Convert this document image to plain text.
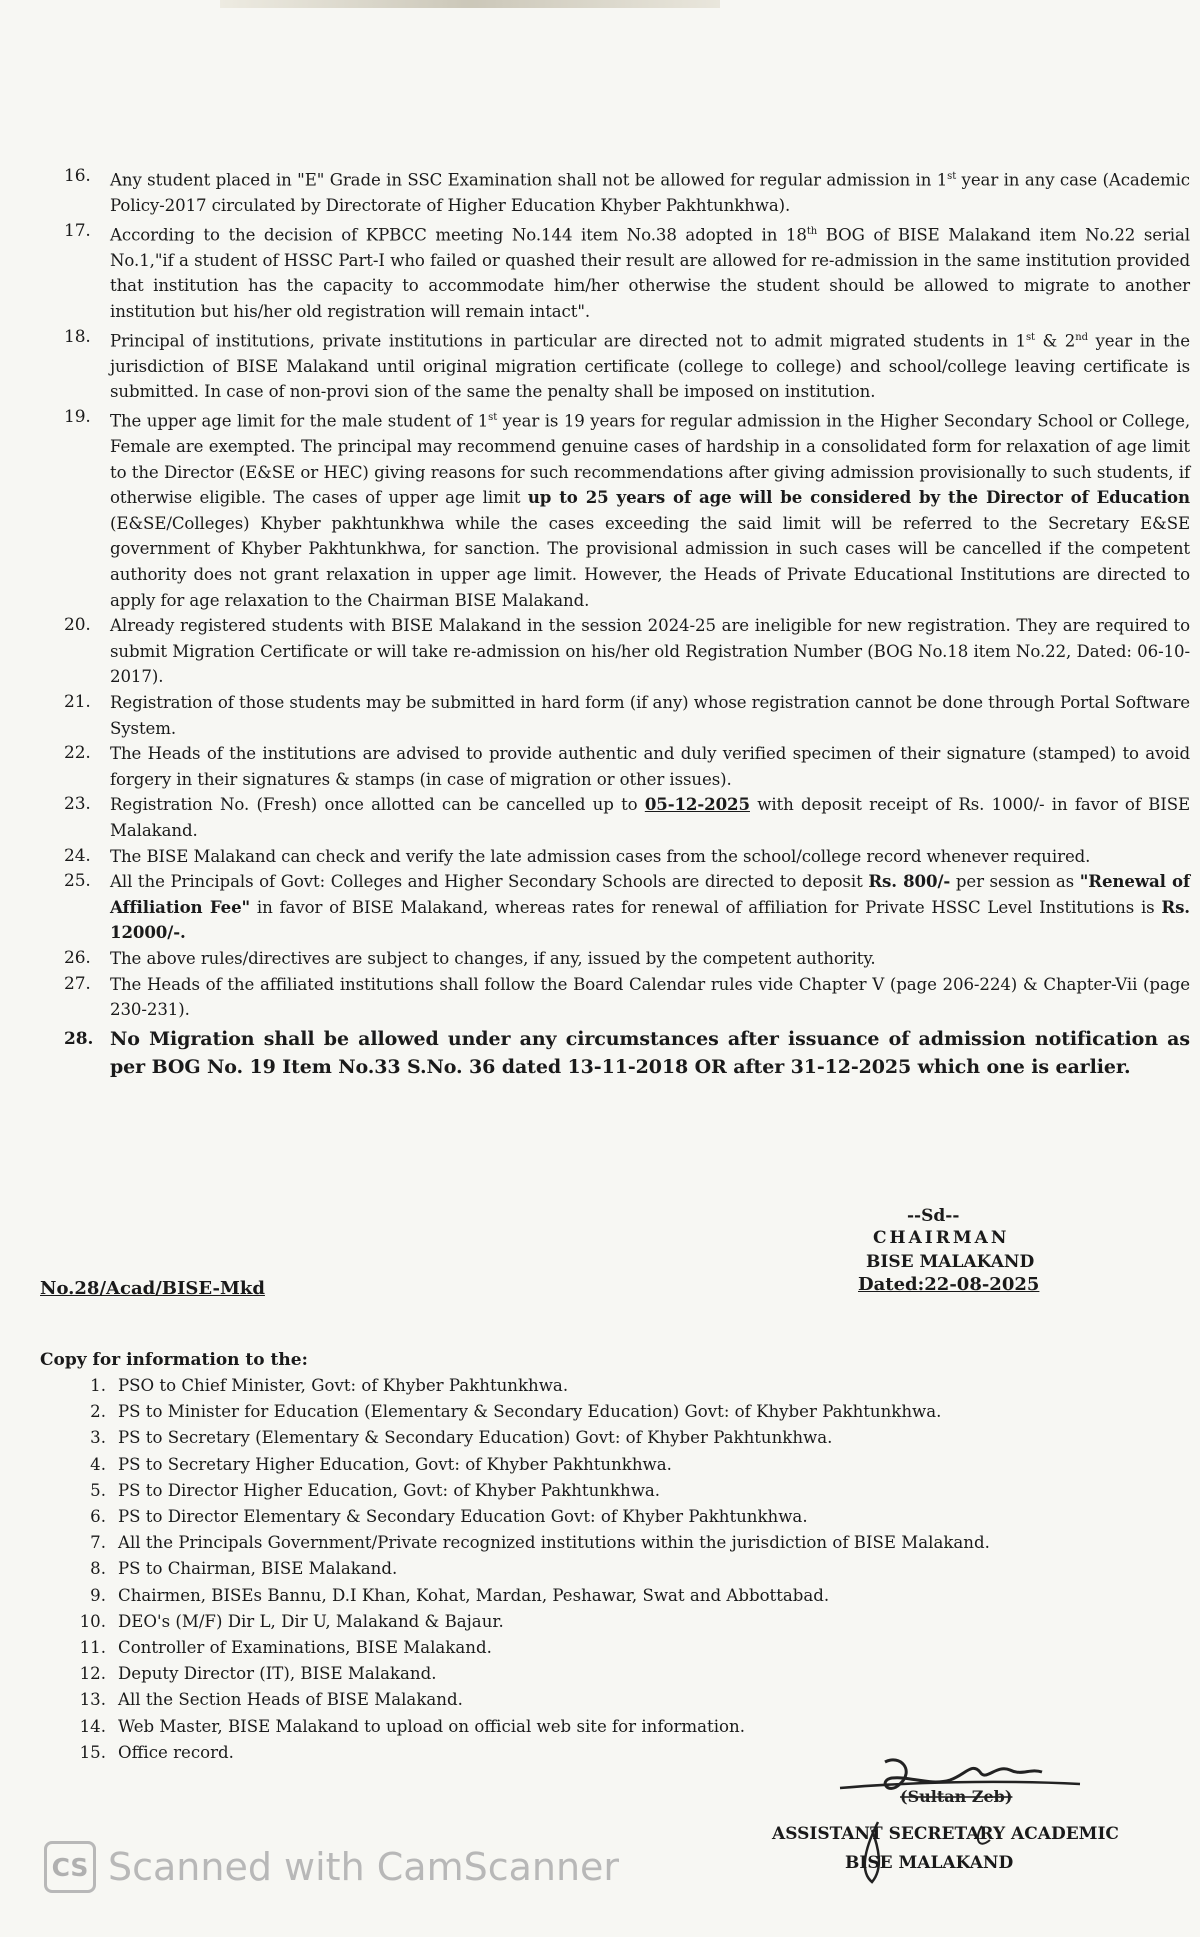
16.	Any student placed in "E" Grade in SSC Examination shall not be allowed for regular admission in 1st year in any case (Academic Policy-2017 circulated by Directorate of Higher Education Khyber Pakhtunkhwa).
17.	According to the decision of KPBCC meeting No.144 item No.38 adopted in 18th BOG of BISE Malakand item No.22 serial No.1,"if a student of HSSC Part-I who failed or quashed their result are allowed for re-admission in the same institution provided that institution has the capacity to accommodate him/her otherwise the student should be allowed to migrate to another institution but his/her old registration will remain intact".
18.	Principal of institutions, private institutions in particular are directed not to admit migrated students in 1st & 2nd year in the jurisdiction of BISE Malakand until original migration certificate (college to college) and school/college leaving certificate is submitted. In case of non-provi sion of the same the penalty shall be imposed on institution.
19.	The upper age limit for the male student of 1st year is 19 years for regular admission in the Higher Secondary School or College, Female are exempted. The principal may recommend genuine cases of hardship in a consolidated form for relaxation of age limit to the Director (E&SE or HEC) giving reasons for such recommendations after giving admission provisionally to such students, if otherwise eligible. The cases of upper age limit up to 25 years of age will be considered by the Director of Education (E&SE/Colleges) Khyber pakhtunkhwa while the cases exceeding the said limit will be referred to the Secretary E&SE government of Khyber Pakhtunkhwa, for sanction. The provisional admission in such cases will be cancelled if the competent authority does not grant relaxation in upper age limit. However, the Heads of Private Educational Institutions are directed to apply for age relaxation to the Chairman BISE Malakand.
20.	Already registered students with BISE Malakand in the session 2024-25 are ineligible for new registration. They are required to submit Migration Certificate or will take re-admission on his/her old Registration Number (BOG No.18 item No.22, Dated: 06-10-2017).
21.	Registration of those students may be submitted in hard form (if any) whose registration cannot be done through Portal Software System.
22.	The Heads of the institutions are advised to provide authentic and duly verified specimen of their signature (stamped) to avoid forgery in their signatures & stamps (in case of migration or other issues).
23.	Registration No. (Fresh) once allotted can be cancelled up to 05-12-2025 with deposit receipt of Rs. 1000/- in favor of BISE Malakand.
24.	The BISE Malakand can check and verify the late admission cases from the school/college record whenever required.
25.	All the Principals of Govt: Colleges and Higher Secondary Schools are directed to deposit Rs. 800/- per session as "Renewal of Affiliation Fee" in favor of BISE Malakand, whereas rates for renewal of affiliation for Private HSSC Level Institutions is Rs. 12000/-.
26.	The above rules/directives are subject to changes, if any, issued by the competent authority.
27.	The Heads of the affiliated institutions shall follow the Board Calendar rules vide Chapter V (page 206-224) & Chapter-Vii (page 230-231).
28. No Migration shall be allowed under any circumstances after issuance of admission notification as per BOG No. 19 Item No.33 S.No. 36 dated 13-11-2018 OR after 31-12-2025 which one is earlier.
--Sd--
CHAIRMAN
BISE MALAKAND
No.28/Acad/BISE-Mkd	Dated:22-08-2025
Copy for information to the:
1. PSO to Chief Minister, Govt: of Khyber Pakhtunkhwa.
2. PS to Minister for Education (Elementary & Secondary Education) Govt: of Khyber Pakhtunkhwa.
3. PS to Secretary (Elementary & Secondary Education) Govt: of Khyber Pakhtunkhwa.
4. PS to Secretary Higher Education, Govt: of Khyber Pakhtunkhwa.
5. PS to Director Higher Education, Govt: of Khyber Pakhtunkhwa.
6. PS to Director Elementary & Secondary Education Govt: of Khyber Pakhtunkhwa.
7. All the Principals Government/Private recognized institutions within the jurisdiction of BISE Malakand.
8. PS to Chairman, BISE Malakand.
9. Chairmen, BISEs Bannu, D.I Khan, Kohat, Mardan, Peshawar, Swat and Abbottabad.
10. DEO's (M/F) Dir L, Dir U, Malakand & Bajaur.
11. Controller of Examinations, BISE Malakand.
12. Deputy Director (IT), BISE Malakand.
13. All the Section Heads of BISE Malakand.
14. Web Master, BISE Malakand to upload on official web site for information.
15. Office record.
(Sultan Zeb)
ASSISTANT SECRETARY ACADEMIC
BISE MALAKAND
CS Scanned with CamScanner
